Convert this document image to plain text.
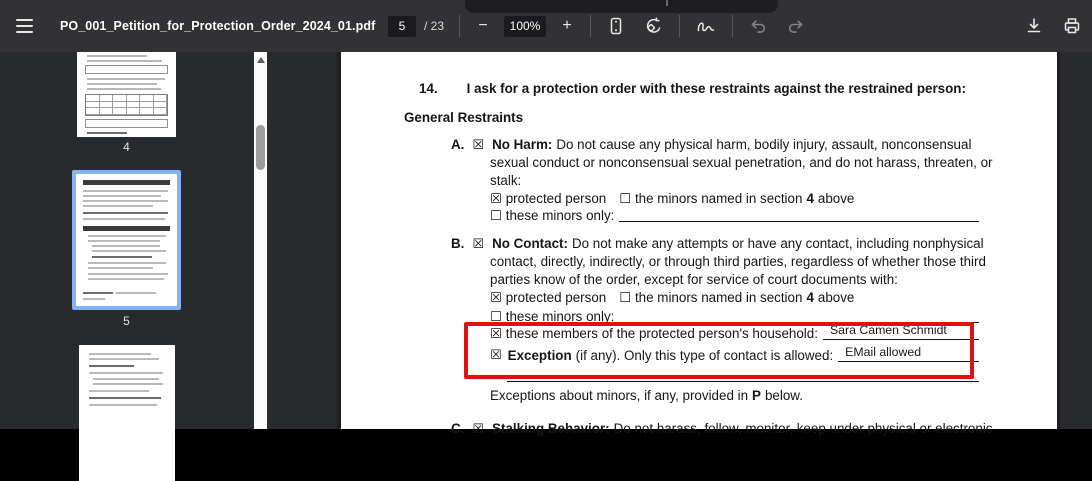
PO_001_Petition_for_Protection_Order_2024_01.pdf	5	/ 23 −	100%	+
4
5
14. I ask for a protection order with these restraints against the restrained person:
General Restraints
A. ☒ No Harm: Do not cause any physical harm, bodily injury, assault, nonconsensual
sexual conduct or nonconsensual sexual penetration, and do not harass, threaten, or
stalk:
☒ protected person ☐ the minors named in section 4 above
☐ these minors only:
B. ☒ No Contact: Do not make any attempts or have any contact, including nonphysical
contact, directly, indirectly, or through third parties, regardless of whether those third
parties know of the order, except for service of court documents with:
☒ protected person ☐ the minors named in section 4 above
☐ these minors only:
☒ these members of the protected person's household: Sara Camen Schmidt
☒ Exception (if any). Only this type of contact is allowed: EMail allowed
Exceptions about minors, if any, provided in P below.
C. ☒ Stalking Behavior: Do not harass, follow, monitor, keep under physical or electronic
